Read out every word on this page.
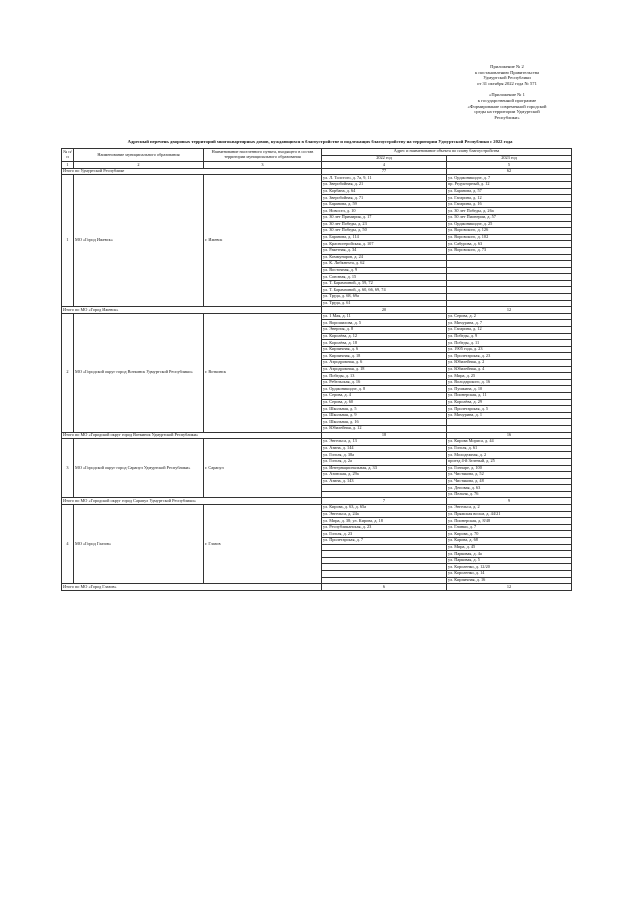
Приложение № 2
к постановлению Правительства
Удмуртской Республики
от 31 октября 2022 года № 571
«Приложение № 1
к государственной программе
«Формирование современной городской
среды на территории Удмуртской
Республики»
Адресный перечень дворовых территорий многоквартирных домов, нуждающихся в благоустройстве и подлежащих благоустройству на территории Удмуртской Республики с 2022 года
№ п/п	Наименование муниципального образования	Наименование населенного пункта, входящего в состав территории муниципального образования	Адрес и наименование объекта по плану благоустройства	
			2022 год	2023 год
1	2	3	4	5
Итого по Удмуртской Республике			77	62
1	МО «Город Ижевск»	г. Ижевск	ул. Л. Толстого, д. 7а, 9, 11	ул. Орджоникидзе, д. 7
			ул. Зверобойная, д. 21	пр. Редукторный, д. 12
			ул. Корбана, д. 64	ул. Баранова, д. 57
			ул. Зверобойная, д. 71	ул. Гагарина, д. 12
			ул. Баранова, д. 59	ул. Гагарина, д. 16
			ул. Новосел, д. 10	ул. 30 лет Победы, д. 26а
			ул. 30 лет Примирия, д. 17	ул. 50 лет Пионерии, д. 57
			ул. 30 лет Победы, д. 23	ул. Орджоникидзе, д. 25
			ул. 30 лет Победы, д. 50	ул. Воровского, д. 126
			ул. Баранова, д. 114	ул. Воровского, д. 102
			ул. Красногеройская, д. 107	ул. Сабурова, д. 63
			ул. Ракетная, д. 34	ул. Воровского, д. 73
			ул. Коммунаров, д. 24	
			ул. К. Либкнехта, д. 62	
			ул. Восточная, д. 9	
			ул. Союзная, д. 15	
			ул. Т. Барамзиной, д. 59, 72	
			ул. Т. Барамзиной, д. 60, 66, 69, 74	
			ул. Труда, д. 68, 69а	
			ул. Труда, д. 61	
Итого по МО «Город Ижевск»			20	12
2	МО «Городской округ город Воткинск Удмуртской Республики»	г. Воткинск	ул. 1 Мая, д. 11	ул. Серова, д. 2
			ул. Ворошилова, д. 5	ул. Мичурина, д. 7
			ул. Энергия, д. 8	ул. Гагарина, д. 12
			ул. Королёва, д. 12	ул. Победы, д. 9
			ул. Королёва, д. 18	ул. Победы, д. 11
			ул. Кирпичная, д. 6	ул. 1905 года, д. 23
			ул. Кирпичная, д. 18	ул. Пролетарская, д. 23
			ул. Аэродромная, д. 6	ул. Юбилейная, д. 2
			ул. Аэродромная, д. 18	ул. Юбилейная, д. 4
			ул. Победы, д. 13	ул. Мира, д. 25
			ул. Ребельская, д. 16	ул. Володарского, д. 16
			ул. Орджоникидзе, д. 8	ул. Пушкина, д. 10
			ул. Серова, д. 4	ул. Пионерская, д. 11
			ул. Серова, д. 60	ул. Королёва, д. 29
			ул. Школьная, д. 5	ул. Пролетарская, д. 5
			ул. Школьная, д. 9	ул. Мичурина, д. 1
			ул. Школьная, д. 16	
			ул. Юбилейная, д. 12	
Итого по МО «Городской округ город Воткинск Удмуртской Республики»			18	16
3	МО «Городской округ город Сарапул Удмуртской Республики»	г. Сарапул	ул. Энгельса, д. 13	ул. Кирова Мориса, д. 44
			ул. Азина, д. 144	ул. Гоголя, д. 61
			ул. Гоголя, д. 38а	ул. Молодежная, д. 2
			ул. Гоголя, д. 2а	проезд 4-й Зеленый, д. 25
			ул. Интернациональная, д. 33	ул. Гончаре, д. 100
			ул. Азовская, д. 29а	ул. Чистякова, д. 52
			ул. Азина, д. 143	ул. Чистякова, д. 48
				ул. Деповая, д. 63
				ул. Пельня, д. 76
Итого по МО «Городской округ город Сарапул Удмуртской Республики»			7	9
4	МО «Город Глазов»	г. Глазов	ул. Кирова, д. 63, д. 65а	ул. Энгельса, д. 2
			ул. Энгельса, д. 24а	ул. Пряжская восьм, д. 44/21
			ул. Мира, д. 38; ул. Кирова, д. 18	ул. Пионерская, д. 8/48
			ул. Республиканская, д. 23	ул. Глинки, д. 7
			ул. Гоголя, д. 23	ул. Кирова, д. 70
			ул. Пролетарская, д. 7	ул. Карова, д. 68
				ул. Мира, д. 45
				ул. Парковая, д. 4а
				ул. Парковая, д. 5
				ул. Короленко, д. 12/20
				ул. Короленко, д. 14
				ул. Кирпичная, д. 16
Итого по МО «Город Глазов»			6	12
